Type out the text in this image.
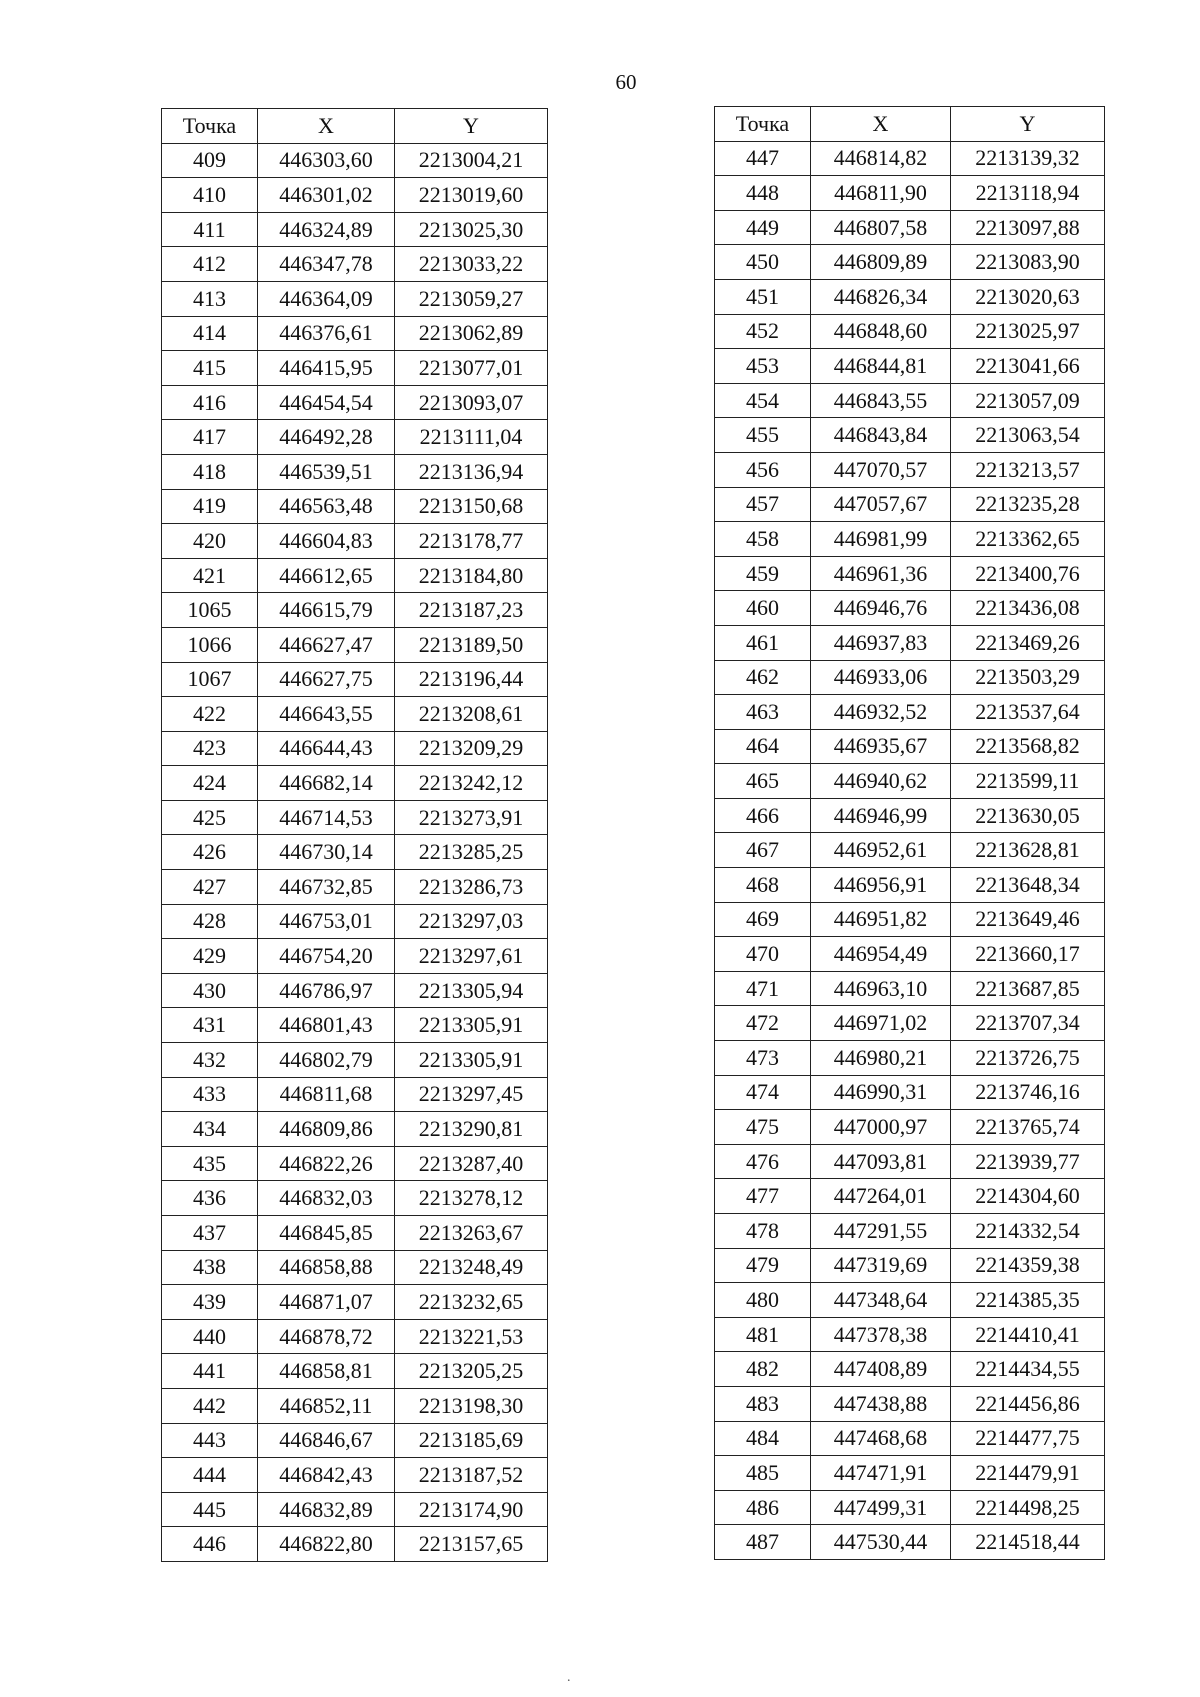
60
Точка	X	Y
409	446303,60	2213004,21
410	446301,02	2213019,60
411	446324,89	2213025,30
412	446347,78	2213033,22
413	446364,09	2213059,27
414	446376,61	2213062,89
415	446415,95	2213077,01
416	446454,54	2213093,07
417	446492,28	2213111,04
418	446539,51	2213136,94
419	446563,48	2213150,68
420	446604,83	2213178,77
421	446612,65	2213184,80
1065	446615,79	2213187,23
1066	446627,47	2213189,50
1067	446627,75	2213196,44
422	446643,55	2213208,61
423	446644,43	2213209,29
424	446682,14	2213242,12
425	446714,53	2213273,91
426	446730,14	2213285,25
427	446732,85	2213286,73
428	446753,01	2213297,03
429	446754,20	2213297,61
430	446786,97	2213305,94
431	446801,43	2213305,91
432	446802,79	2213305,91
433	446811,68	2213297,45
434	446809,86	2213290,81
435	446822,26	2213287,40
436	446832,03	2213278,12
437	446845,85	2213263,67
438	446858,88	2213248,49
439	446871,07	2213232,65
440	446878,72	2213221,53
441	446858,81	2213205,25
442	446852,11	2213198,30
443	446846,67	2213185,69
444	446842,43	2213187,52
445	446832,89	2213174,90
446	446822,80	2213157,65
Точка	X	Y
447	446814,82	2213139,32
448	446811,90	2213118,94
449	446807,58	2213097,88
450	446809,89	2213083,90
451	446826,34	2213020,63
452	446848,60	2213025,97
453	446844,81	2213041,66
454	446843,55	2213057,09
455	446843,84	2213063,54
456	447070,57	2213213,57
457	447057,67	2213235,28
458	446981,99	2213362,65
459	446961,36	2213400,76
460	446946,76	2213436,08
461	446937,83	2213469,26
462	446933,06	2213503,29
463	446932,52	2213537,64
464	446935,67	2213568,82
465	446940,62	2213599,11
466	446946,99	2213630,05
467	446952,61	2213628,81
468	446956,91	2213648,34
469	446951,82	2213649,46
470	446954,49	2213660,17
471	446963,10	2213687,85
472	446971,02	2213707,34
473	446980,21	2213726,75
474	446990,31	2213746,16
475	447000,97	2213765,74
476	447093,81	2213939,77
477	447264,01	2214304,60
478	447291,55	2214332,54
479	447319,69	2214359,38
480	447348,64	2214385,35
481	447378,38	2214410,41
482	447408,89	2214434,55
483	447438,88	2214456,86
484	447468,68	2214477,75
485	447471,91	2214479,91
486	447499,31	2214498,25
487	447530,44	2214518,44
.
